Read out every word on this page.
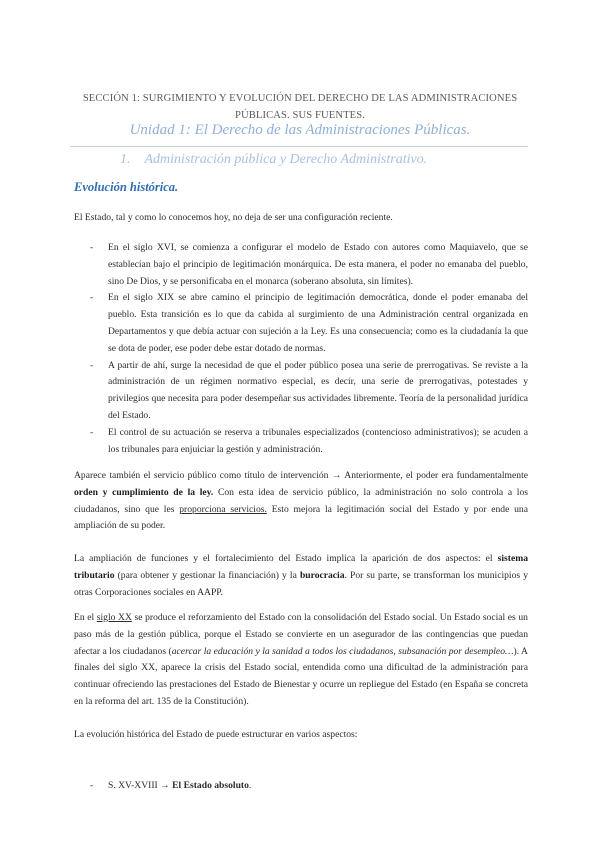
SECCIÓN 1: SURGIMIENTO Y EVOLUCIÓN DEL DERECHO DE LAS ADMINISTRACIONES
PÚBLICAS. SUS FUENTES.
Unidad 1: El Derecho de las Administraciones Públicas.
1. Administración pública y Derecho Administrativo.
Evolución histórica.
El Estado, tal y como lo conocemos hoy, no deja de ser una configuración reciente.
- En el siglo XVI, se comienza a configurar el modelo de Estado con autores como Maquiavelo, que se establecían bajo el principio de legitimación monárquica. De esta manera, el poder no emanaba del pueblo, sino De Dios, y se personificaba en el monarca (soberano absoluta, sin límites).
- En el siglo XIX se abre camino el principio de legitimación democrática, donde el poder emanaba del pueblo. Esta transición es lo que da cabida al surgimiento de una Administración central organizada en Departamentos y que debía actuar con sujeción a la Ley. Es una consecuencia; como es la ciudadanía la que se dota de poder, ese poder debe estar dotado de normas.
- A partir de ahí, surge la necesidad de que el poder público posea una serie de prerrogativas. Se reviste a la administración de un régimen normativo especial, es decir, una serie de prerrogativas, potestades y privilegios que necesita para poder desempeñar sus actividades libremente. Teoría de la personalidad jurídica del Estado.
- El control de su actuación se reserva a tribunales especializados (contencioso administrativos); se acuden a los tribunales para enjuiciar la gestión y administración.
Aparece también el servicio público como título de intervención → Anteriormente, el poder era fundamentalmente orden y cumplimiento de la ley. Con esta idea de servicio público, la administración no solo controla a los ciudadanos, sino que les proporciona servicios. Esto mejora la legitimación social del Estado y por ende una ampliación de su poder.
La ampliación de funciones y el fortalecimiento del Estado implica la aparición de dos aspectos: el sistema tributario (para obtener y gestionar la financiación) y la burocracia. Por su parte, se transforman los municipios y otras Corporaciones sociales en AAPP.
En el siglo XX se produce el reforzamiento del Estado con la consolidación del Estado social. Un Estado social es un paso más de la gestión pública, porque el Estado se convierte en un asegurador de las contingencias que puedan afectar a los ciudadanos (acercar la educación y la sanidad a todos los ciudadanos, subsanación por desempleo…). A finales del siglo XX, aparece la crisis del Estado social, entendida como una dificultad de la administración para continuar ofreciendo las prestaciones del Estado de Bienestar y ocurre un repliegue del Estado (en España se concreta en la reforma del art. 135 de la Constitución).
La evolución histórica del Estado de puede estructurar en varios aspectos:
- S. XV-XVIII → El Estado absoluto.
